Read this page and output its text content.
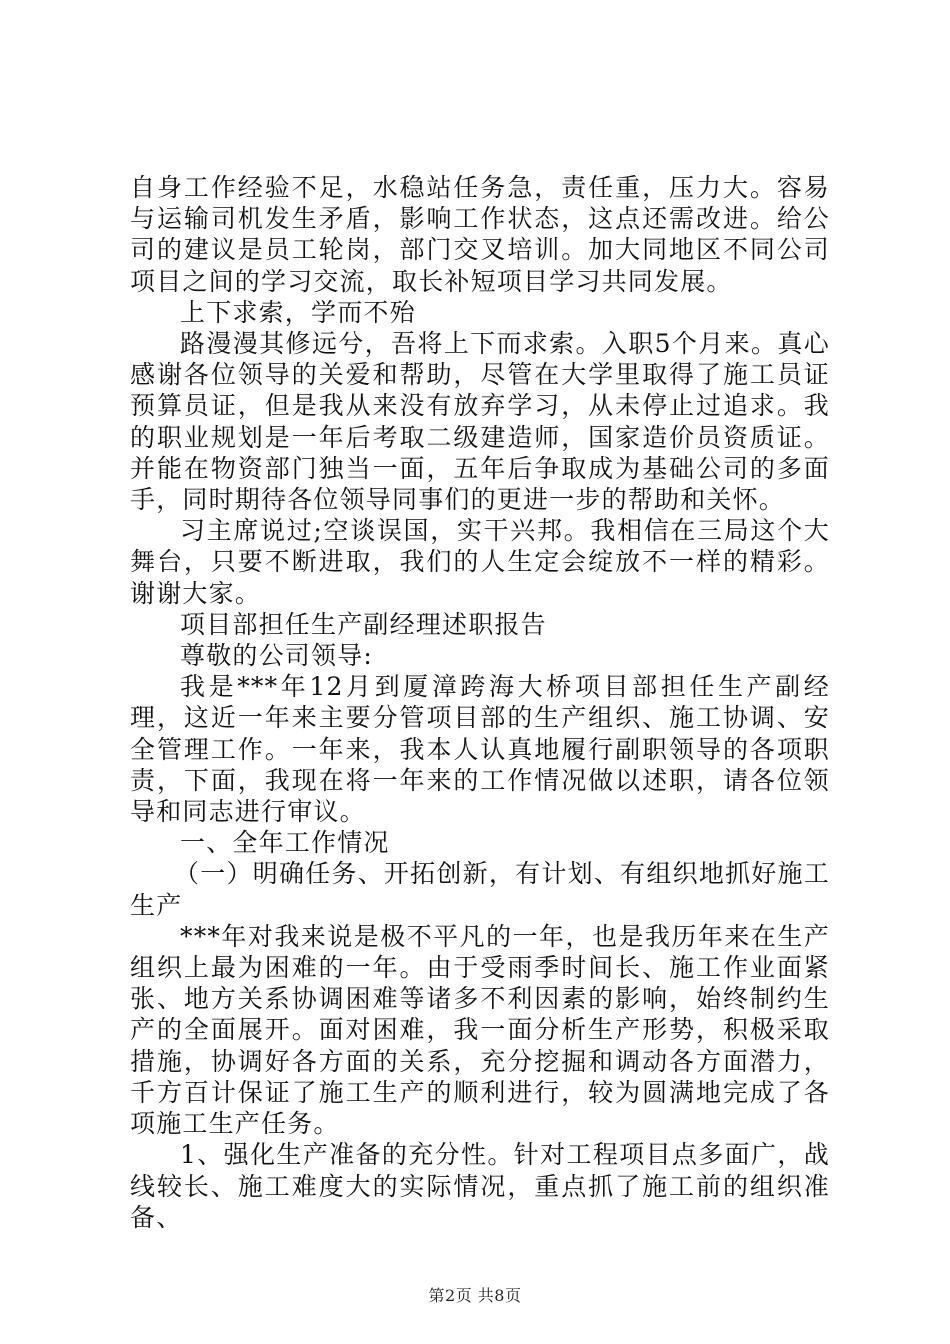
自身工作经验不足，水稳站任务急，责任重，压力大。容易与运输司机发生矛盾，影响工作状态，这点还需改进。给公司的建议是员工轮岗，部门交叉培训。加大同地区不同公司项目之间的学习交流，取长补短项目学习共同发展。

上下求索，学而不殆

路漫漫其修远兮，吾将上下而求索。入职5个月来。真心感谢各位领导的关爱和帮助，尽管在大学里取得了施工员证预算员证，但是我从来没有放弃学习，从未停止过追求。我的职业规划是一年后考取二级建造师，国家造价员资质证。并能在物资部门独当一面，五年后争取成为基础公司的多面手，同时期待各位领导同事们的更进一步的帮助和关怀。

习主席说过;空谈误国，实干兴邦。我相信在三局这个大舞台，只要不断进取，我们的人生定会绽放不一样的精彩。谢谢大家。

项目部担任生产副经理述职报告

尊敬的公司领导:

我是***年12月到厦漳跨海大桥项目部担任生产副经理，这近一年来主要分管项目部的生产组织、施工协调、安全管理工作。一年来，我本人认真地履行副职领导的各项职责，下面，我现在将一年来的工作情况做以述职，请各位领导和同志进行审议。

一、全年工作情况

（一）明确任务、开拓创新，有计划、有组织地抓好施工生产

***年对我来说是极不平凡的一年，也是我历年来在生产组织上最为困难的一年。由于受雨季时间长、施工作业面紧张、地方关系协调困难等诸多不利因素的影响，始终制约生产的全面展开。面对困难，我一面分析生产形势，积极采取措施，协调好各方面的关系，充分挖掘和调动各方面潜力，千方百计保证了施工生产的顺利进行，较为圆满地完成了各项施工生产任务。

1、强化生产准备的充分性。针对工程项目点多面广，战线较长、施工难度大的实际情况，重点抓了施工前的组织准备、

第2页 共8页
